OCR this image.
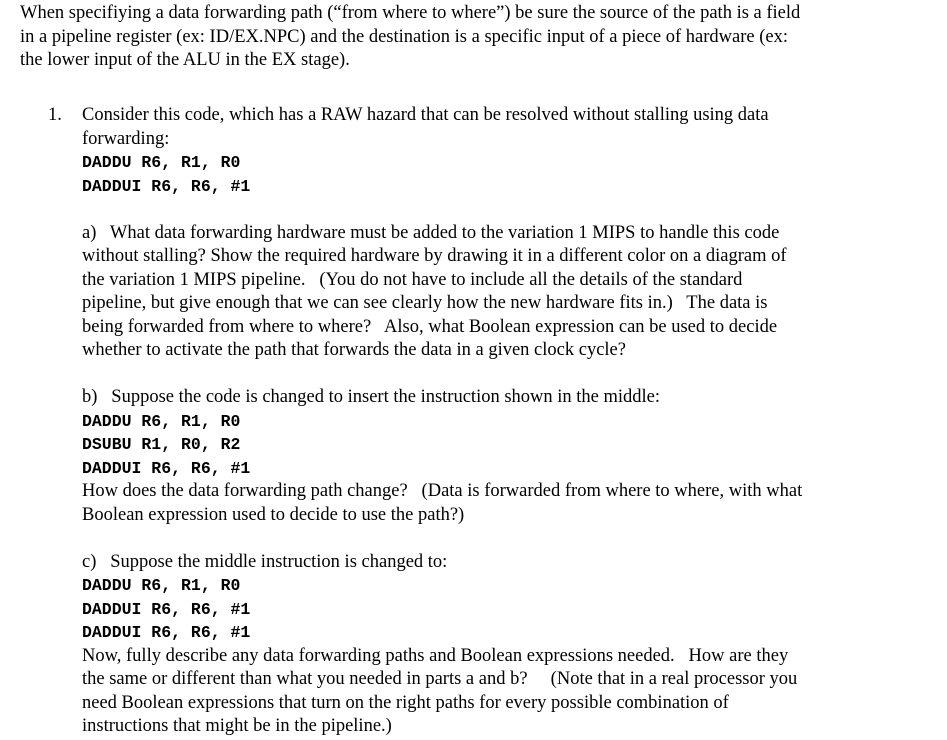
When specifiying a data forwarding path (“from where to where”) be sure the source of the path is a field
in a pipeline register (ex: ID/EX.NPC) and the destination is a specific input of a piece of hardware (ex:
the lower input of the ALU in the EX stage).
1. Consider this code, which has a RAW hazard that can be resolved without stalling using data
forwarding:
DADDU R6, R1, R0
DADDUI R6, R6, #1
a)   What data forwarding hardware must be added to the variation 1 MIPS to handle this code
without stalling? Show the required hardware by drawing it in a different color on a diagram of
the variation 1 MIPS pipeline.   (You do not have to include all the details of the standard
pipeline, but give enough that we can see clearly how the new hardware fits in.)   The data is
being forwarded from where to where?   Also, what Boolean expression can be used to decide
whether to activate the path that forwards the data in a given clock cycle?
b)   Suppose the code is changed to insert the instruction shown in the middle:
DADDU R6, R1, R0
DSUBU R1, R0, R2
DADDUI R6, R6, #1
How does the data forwarding path change?   (Data is forwarded from where to where, with what
Boolean expression used to decide to use the path?)
c)   Suppose the middle instruction is changed to:
DADDU R6, R1, R0
DADDUI R6, R6, #1
DADDUI R6, R6, #1
Now, fully describe any data forwarding paths and Boolean expressions needed.   How are they
the same or different than what you needed in parts a and b?     (Note that in a real processor you
need Boolean expressions that turn on the right paths for every possible combination of
instructions that might be in the pipeline.)
